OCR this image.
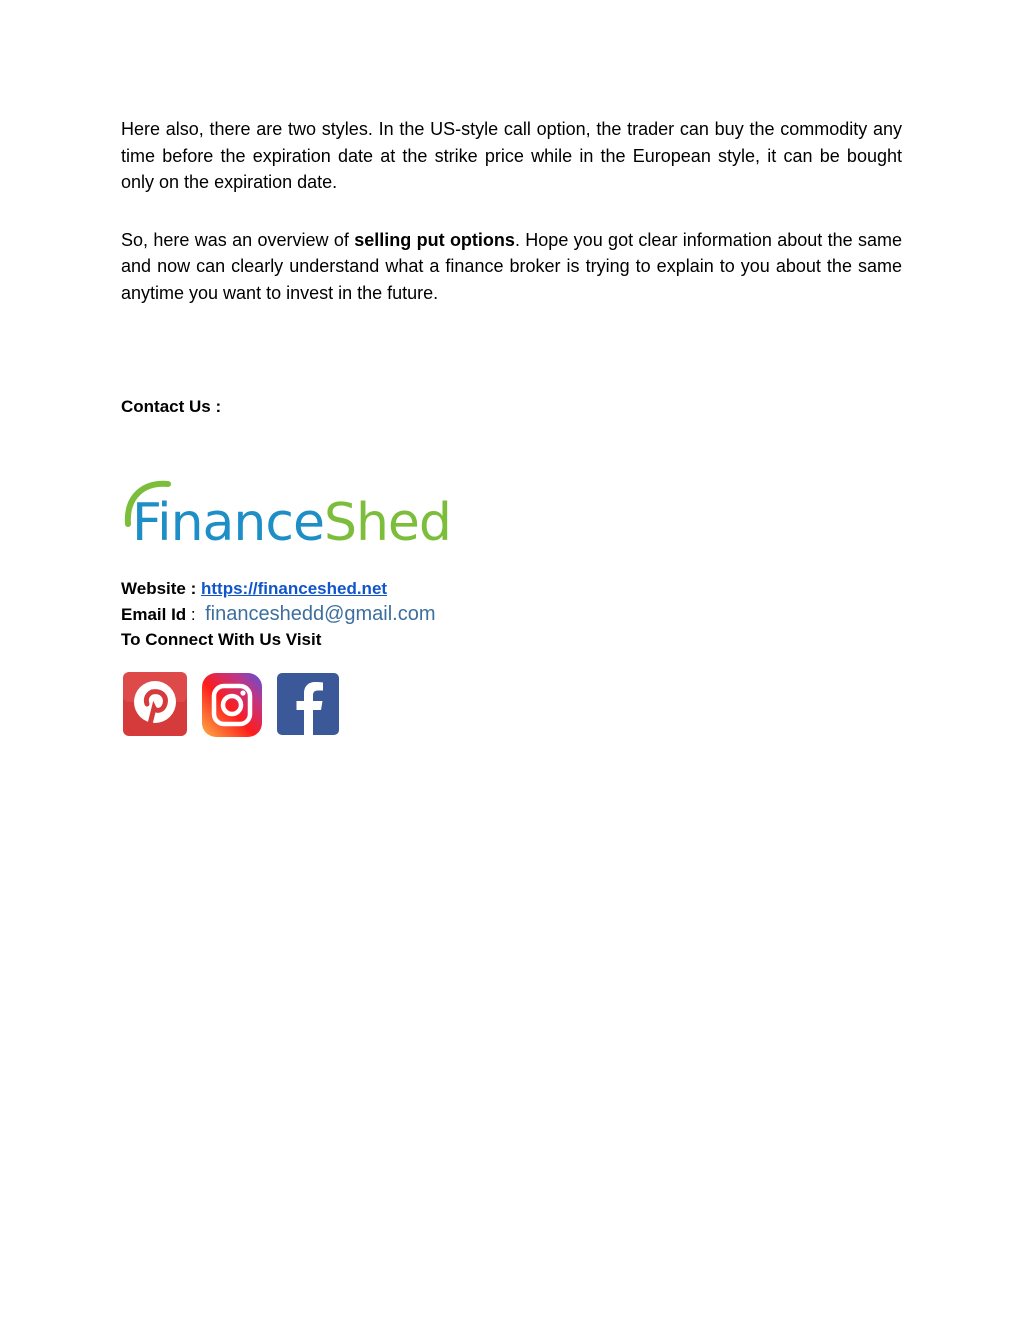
Here also, there are two styles. In the US-style call option, the trader can buy the commodity any time before the expiration date at the strike price while in the European style, it can be bought only on the expiration date.

So, here was an overview of selling put options. Hope you got clear information about the same and now can clearly understand what a finance broker is trying to explain to you about the same anytime you want to invest in the future.

Contact Us :

FinanceShed
Website : https://financeshed.net
Email Id :  financeshedd@gmail.com
To Connect With Us Visit
